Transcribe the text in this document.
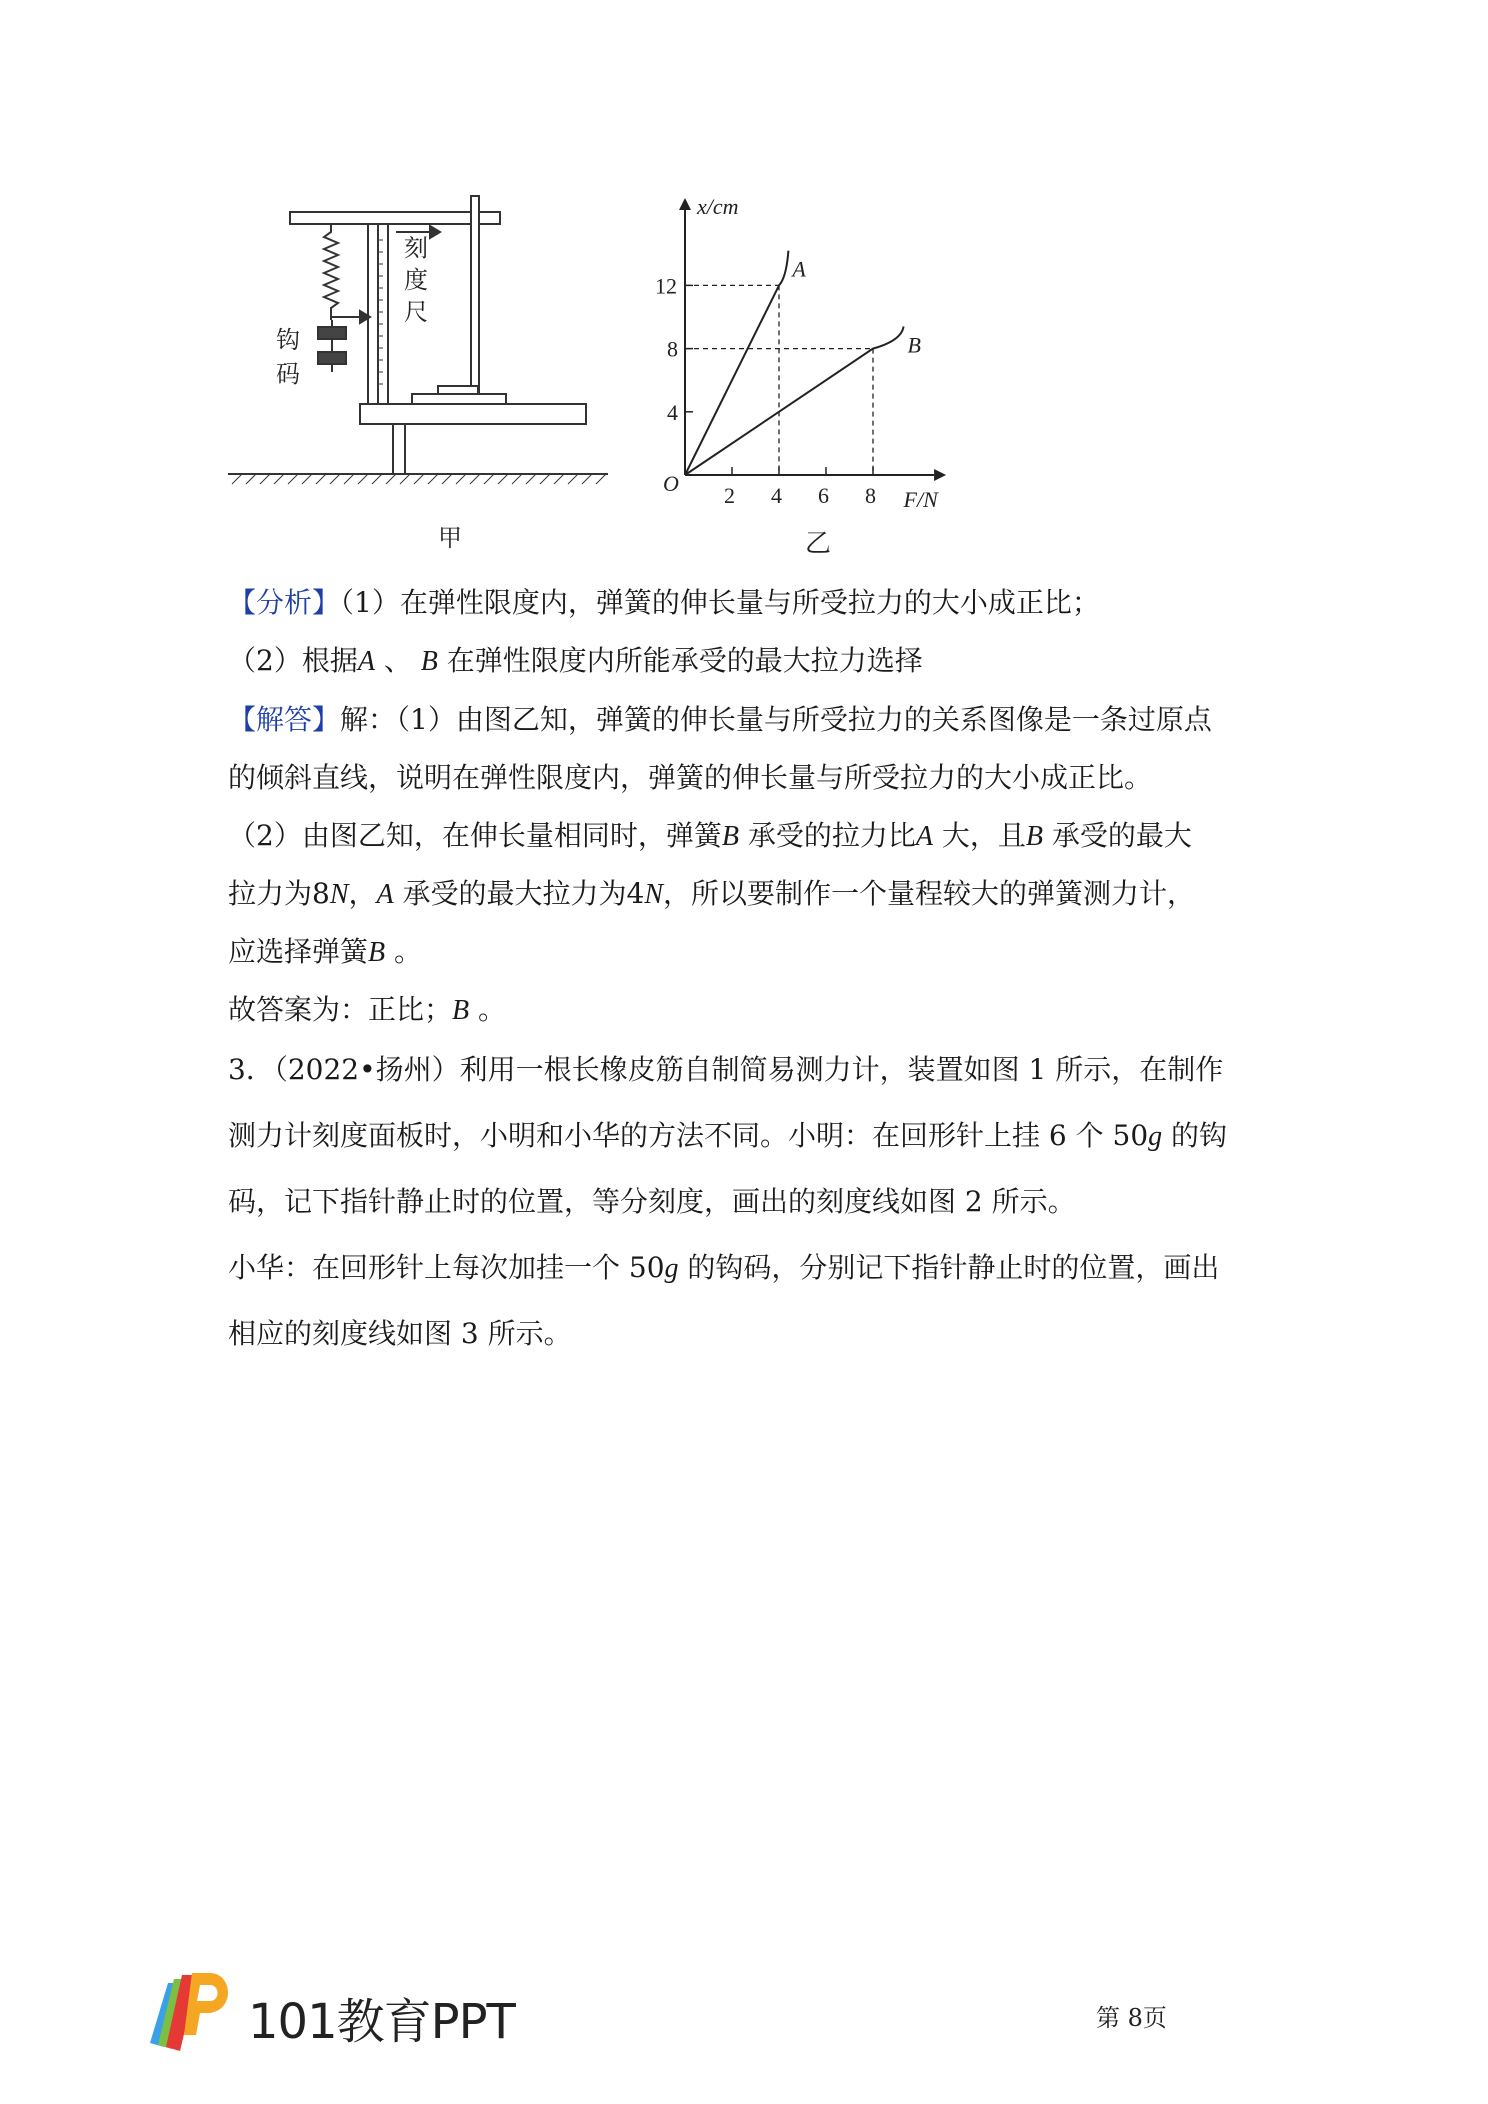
刻
度
尺
钩
码
甲
2 4 6 8
4
8
12
A
B
x/cm
F/N
O
乙
【分析】（1）在弹性限度内，弹簧的伸长量与所受拉力的大小成正比；
（2）根据A 、 B 在弹性限度内所能承受的最大拉力选择
【解答】解：（1）由图乙知，弹簧的伸长量与所受拉力的关系图像是一条过原点
的倾斜直线，说明在弹性限度内，弹簧的伸长量与所受拉力的大小成正比。
（2）由图乙知，在伸长量相同时，弹簧B 承受的拉力比A 大，且B 承受的最大
拉力为8N，A 承受的最大拉力为4N，所以要制作一个量程较大的弹簧测力计，
应选择弹簧B 。
故答案为：正比；B 。
3．（2022•扬州）利用一根长橡皮筋自制简易测力计，装置如图 1 所示，在制作
测力计刻度面板时，小明和小华的方法不同。小明：在回形针上挂 6 个 50g 的钩
码，记下指针静止时的位置，等分刻度，画出的刻度线如图 2 所示。
小华：在回形针上每次加挂一个 50g 的钩码，分别记下指针静止时的位置，画出
相应的刻度线如图 3 所示。
101教育PPT	第 8页
